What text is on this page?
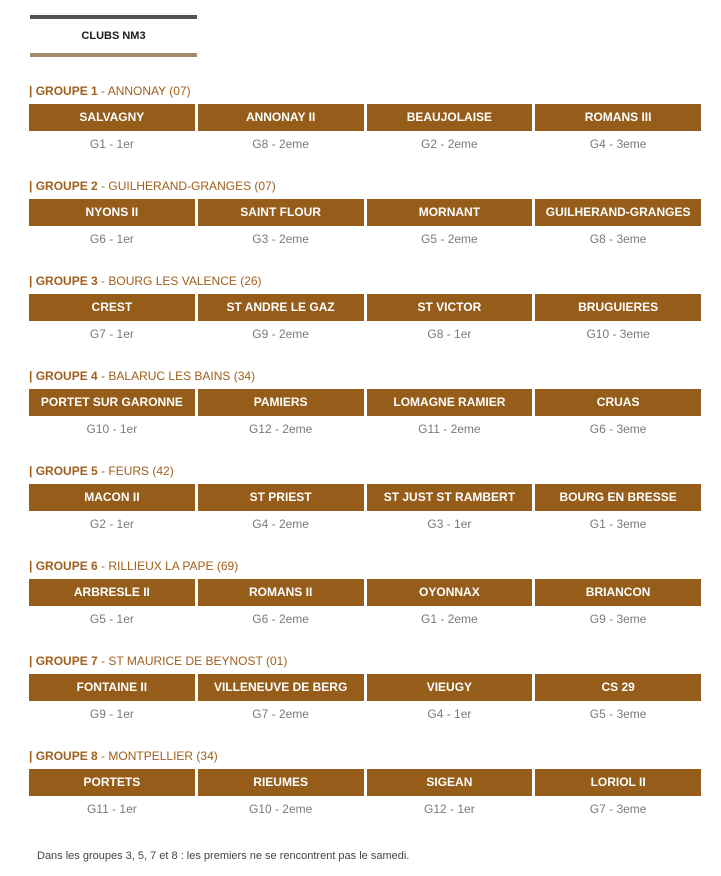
CLUBS NM3
| GROUPE 1 - ANNONAY (07)
SALVAGNY
G1 - 1er
ANNONAY II
G8 - 2eme
BEAUJOLAISE
G2 - 2eme
ROMANS III
G4 - 3eme
| GROUPE 2 - GUILHERAND-GRANGES (07)
NYONS II
G6 - 1er
SAINT FLOUR
G3 - 2eme
MORNANT
G5 - 2eme
GUILHERAND-GRANGES
G8 - 3eme
| GROUPE 3 - BOURG LES VALENCE (26)
CREST
G7 - 1er
ST ANDRE LE GAZ
G9 - 2eme
ST VICTOR
G8 - 1er
BRUGUIERES
G10 - 3eme
| GROUPE 4 - BALARUC LES BAINS (34)
PORTET SUR GARONNE
G10 - 1er
PAMIERS
G12 - 2eme
LOMAGNE RAMIER
G11 - 2eme
CRUAS
G6 - 3eme
| GROUPE 5 - FEURS (42)
MACON II
G2 - 1er
ST PRIEST
G4 - 2eme
ST JUST ST RAMBERT
G3 - 1er
BOURG EN BRESSE
G1 - 3eme
| GROUPE 6 - RILLIEUX LA PAPE (69)
ARBRESLE II
G5 - 1er
ROMANS II
G6 - 2eme
OYONNAX
G1 - 2eme
BRIANCON
G9 - 3eme
| GROUPE 7 - ST MAURICE DE BEYNOST (01)
FONTAINE II
G9 - 1er
VILLENEUVE DE BERG
G7 - 2eme
VIEUGY
G4 - 1er
CS 29
G5 - 3eme
| GROUPE 8 - MONTPELLIER (34)
PORTETS
G11 - 1er
RIEUMES
G10 - 2eme
SIGEAN
G12 - 1er
LORIOL II
G7 - 3eme
Dans les groupes 3, 5, 7 et 8 : les premiers ne se rencontrent pas le samedi.
